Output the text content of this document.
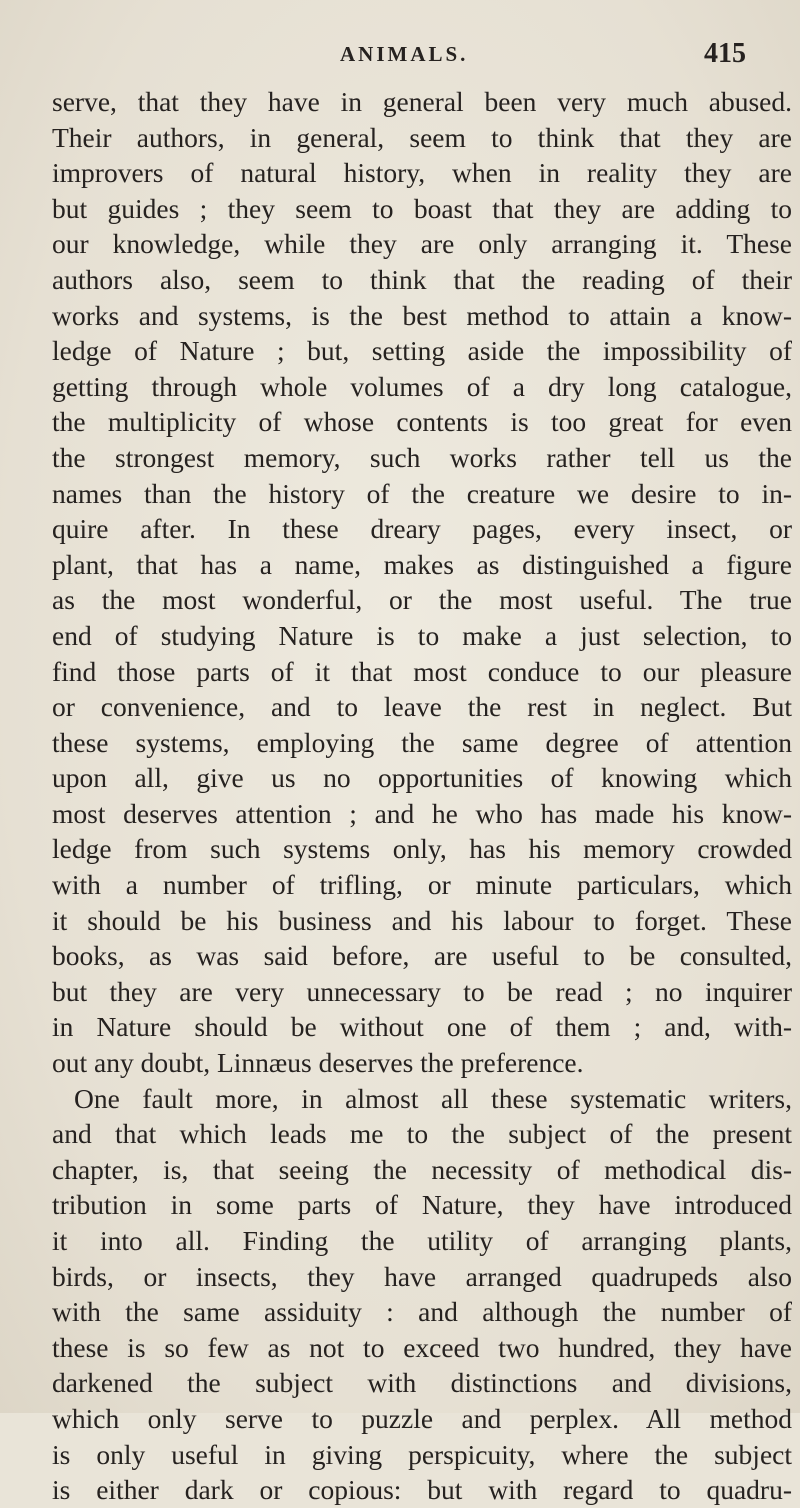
ANIMALS.	415
serve, that they have in general been very much abused.
Their authors, in general, seem to think that they are
improvers of natural history, when in reality they are
but guides ; they seem to boast that they are adding to
our knowledge, while they are only arranging it. These
authors also, seem to think that the reading of their
works and systems, is the best method to attain a know-
ledge of Nature ; but, setting aside the impossibility of
getting through whole volumes of a dry long catalogue,
the multiplicity of whose contents is too great for even
the strongest memory, such works rather tell us the
names than the history of the creature we desire to in-
quire after. In these dreary pages, every insect, or
plant, that has a name, makes as distinguished a figure
as the most wonderful, or the most useful. The true
end of studying Nature is to make a just selection, to
find those parts of it that most conduce to our pleasure
or convenience, and to leave the rest in neglect. But
these systems, employing the same degree of attention
upon all, give us no opportunities of knowing which
most deserves attention ; and he who has made his know-
ledge from such systems only, has his memory crowded
with a number of trifling, or minute particulars, which
it should be his business and his labour to forget. These
books, as was said before, are useful to be consulted,
but they are very unnecessary to be read ; no inquirer
in Nature should be without one of them ; and, with-
out any doubt, Linnæus deserves the preference.
One fault more, in almost all these systematic writers,
and that which leads me to the subject of the present
chapter, is, that seeing the necessity of methodical dis-
tribution in some parts of Nature, they have introduced
it into all. Finding the utility of arranging plants,
birds, or insects, they have arranged quadrupeds also
with the same assiduity : and although the number of
these is so few as not to exceed two hundred, they have
darkened the subject with distinctions and divisions,
which only serve to puzzle and perplex. All method
is only useful in giving perspicuity, where the subject
is either dark or copious: but with regard to quadru-
